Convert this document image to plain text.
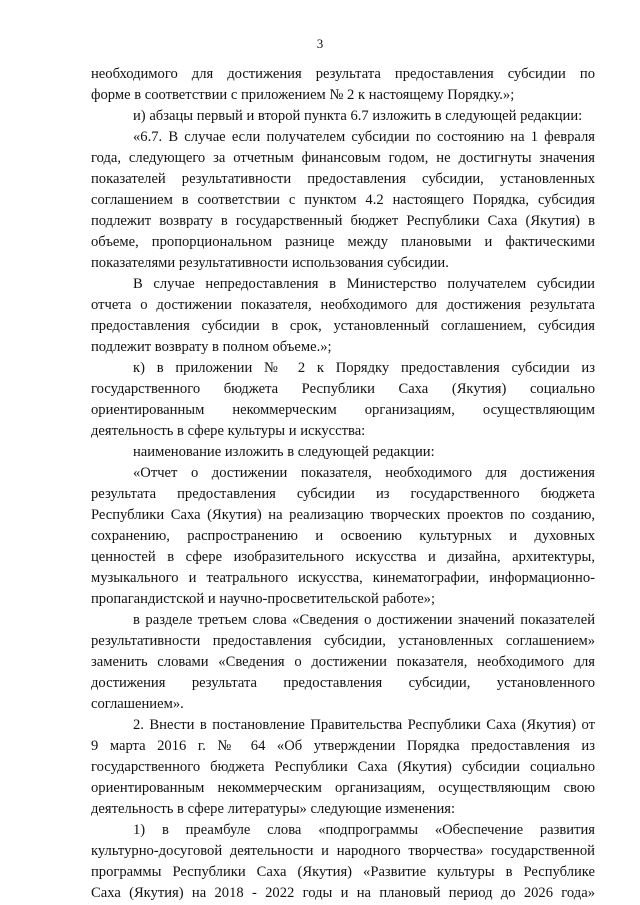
3
необходимого для достижения результата предоставления субсидии по
форме в соответствии с приложением № 2 к настоящему Порядку.»;
и) абзацы первый и второй пункта 6.7 изложить в следующей редакции:
«6.7. В случае если получателем субсидии по состоянию на 1 февраля
года, следующего за отчетным финансовым годом, не достигнуты значения
показателей результативности предоставления субсидии, установленных
соглашением в соответствии с пунктом 4.2 настоящего Порядка, субсидия
подлежит возврату в государственный бюджет Республики Саха (Якутия) в
объеме, пропорциональном разнице между плановыми и фактическими
показателями результативности использования субсидии.
В случае непредоставления в Министерство получателем субсидии
отчета о достижении показателя, необходимого для достижения результата
предоставления субсидии в срок, установленный соглашением, субсидия
подлежит возврату в полном объеме.»;
к) в приложении № 2 к Порядку предоставления субсидии из
государственного бюджета Республики Саха (Якутия) социально
ориентированным некоммерческим организациям, осуществляющим
деятельность в сфере культуры и искусства:
наименование изложить в следующей редакции:
«Отчет о достижении показателя, необходимого для достижения
результата предоставления субсидии из государственного бюджета
Республики Саха (Якутия) на реализацию творческих проектов по созданию,
сохранению, распространению и освоению культурных и духовных
ценностей в сфере изобразительного искусства и дизайна, архитектуры,
музыкального и театрального искусства, кинематографии, информационно-
пропагандистской и научно-просветительской работе»;
в разделе третьем слова «Сведения о достижении значений показателей
результативности предоставления субсидии, установленных соглашением»
заменить словами «Сведения о достижении показателя, необходимого для
достижения результата предоставления субсидии, установленного
соглашением».
2. Внести в постановление Правительства Республики Саха (Якутия) от
9 марта 2016 г. № 64 «Об утверждении Порядка предоставления из
государственного бюджета Республики Саха (Якутия) субсидии социально
ориентированным некоммерческим организациям, осуществляющим свою
деятельность в сфере литературы» следующие изменения:
1) в преамбуле слова «подпрограммы «Обеспечение развития
культурно-досуговой деятельности и народного творчества» государственной
программы Республики Саха (Якутия) «Развитие культуры в Республике
Саха (Якутия) на 2018 - 2022 годы и на плановый период до 2026 года»
